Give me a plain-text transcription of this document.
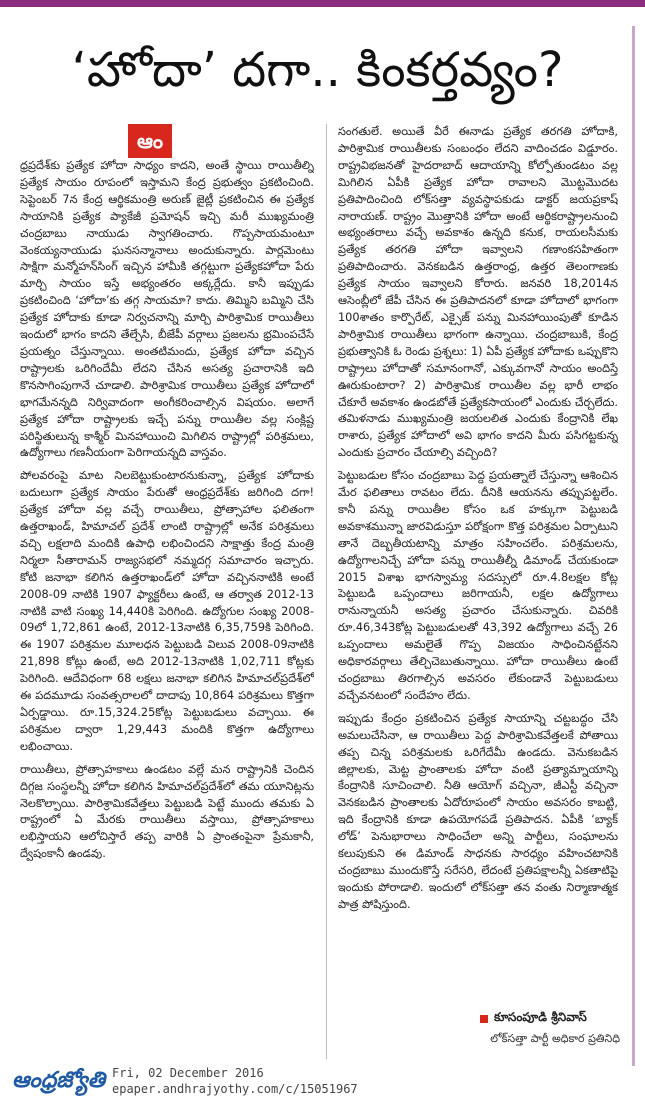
‘హోదా’ దగా.. కింకర్తవ్యం?
ఆం

ధ్రప్రదేశ్‌కు ప్రత్యేక హోదా సాధ్యం కాదని, అంతే స్థాయి రాయితీల్ని ప్రత్యేక సాయం రూపంలో ఇస్తామని కేంద్ర ప్రభుత్వం ప్రకటించింది. సెప్టెంబర్‌ 7న కేంద్ర ఆర్థికమంత్రి అరుణ్‌ జైట్లీ ప్రకటించిన ఈ ప్రత్యేక సాయానికి ప్రత్యేక ప్యాకేజీ ప్రమోషన్‌ ఇచ్చి మరీ ముఖ్యమంత్రి చంద్రబాబు నాయుడు స్వాగతించారు. గొప్పసాయమంటూ వెంకయ్యనాయుడు ఘనసన్మానాలు అందుకున్నారు. పార్లమెంటు సాక్షిగా మన్మోహన్‌సింగ్‌ ఇచ్చిన హామీకి తగ్గట్టుగా ప్రత్యేకహోదా పేరు మార్చి సాయం ఇస్తే అభ్యంతరం అక్కర్లేదు. కానీ ఇప్పుడు ప్రకటించింది ‘హోదా’కు తగ్గ సాయమా? కాదు. తిమ్మిని బమ్మిని చేసి ప్రత్యేక హోదాకు కూడా నిర్వచనాన్ని మార్చి పారిశ్రామిక రాయితీలు ఇందులో భాగం కాదని తేల్చేసి, బీజేపీ వర్గాలు ప్రజలను భ్రమింపచేసే ప్రయత్నం చేస్తున్నాయి. అంతటిమందు, ప్రత్యేక హోదా వచ్చిన రాష్ట్రాలకు ఒరిగిందేమీ లేదని చేసిన అసత్య ప్రచారానికి ఇది కొనసాగింపుగానే చూడాలి. పారిశ్రామిక రాయితీలు ప్రత్యేక హోదాలో భాగమేనన్నది నిర్వివాదంగా అంగీకరించాల్సిన విషయం. అలాగే ప్రత్యేక హోదా రాష్ట్రాలకు ఇచ్చే పన్ను రాయితీల వల్ల సంక్లిష్ట పరిస్థితులున్న కాశ్మీర్‌ మినహాయించి మిగిలిన రాష్ట్రాల్లో పరిశ్రమలు, ఉద్యోగాలు గణనీయంగా పెరిగాయన్నది వాస్తవం.

పోలవరంపై మాట నిలబెట్టుకుంటారనుకున్నా, ప్రత్యేక హోదాకు బదులుగా ప్రత్యేక సాయం పేరుతో ఆంధ్రప్రదేశ్‌కు జరిగింది దగా! ప్రత్యేక హోదా వల్ల వచ్చే రాయితీలు, ప్రోత్సాహాల ఫలితంగా ఉత్తరాఖండ్‌, హిమాచల్‌ ప్రదేశ్‌ లాంటి రాష్ట్రాల్లో అనేక పరిశ్రమలు వచ్చి లక్షలాది మందికి ఉపాధి లభించిందని సాక్షాత్తు కేంద్ర మంత్రి నిర్మలా సీతారామన్‌ రాజ్యసభలో నమ్మదగ్గ సమాచారం ఇచ్చారు. కోటి జనాభా కలిగిన ఉత్తరాఖండ్‌లో హోదా వచ్చిననాటికి అంటే 2008-09 నాటికి 1907 ఫ్యాక్టరీలు ఉంటే, ఆ తర్వాత 2012-13 నాటికి వాటి సంఖ్య 14,440కి పెరిగింది. ఉద్యోగుల సంఖ్య 2008-09లో 1,72,861 ఉంటే, 2012-13నాటికి 6,35,759కి పెరిగింది. ఈ 1907 పరిశ్రమల మూలధన పెట్టుబడి విలువ 2008-09నాటికి 21,898 కోట్లు ఉంటే, అది 2012-13నాటికి 1,02,711 కోట్లకు పెరిగింది. ఆదేవిధంగా 68 లక్షలు జనాభా కలిగిన హిమాచల్‌ప్రదేశ్‌లో ఈ పదమూడు సంవత్సరాలలో దాదాపు 10,864 పరిశ్రమలు కొత్తగా ఏర్పడ్డాయి. రూ.15,324.25కోట్ల పెట్టుబడులు వచ్చాయి. ఈ పరిశ్రమల ద్వారా 1,29,443 మందికి కొత్తగా ఉద్యోగాలు లభించాయి.

రాయితీలు, ప్రోత్సాహకాలు ఉండటం వల్లే మన రాష్ట్రానికి చెందిన దిగ్గజ సంస్థలన్నీ హోదా కలిగిన హిమాచల్‌ప్రదేశ్‌లో తమ యూనిట్లను నెలకొల్పాయి. పారిశ్రామికవేత్తలు పెట్టుబడి పెట్టే ముందు తమకు ఏ రాష్ట్రంలో ఏ మేరకు రాయితీలు వస్తాయి, ప్రోత్సాహకాలు లభిస్తాయని ఆలోచిస్తారే తప్ప వారికి ఏ ప్రాంతంపైనా ప్రేమకానీ, ద్వేషంకానీ ఉండవు.

సంగతులే. అయితే వీరే ఈనాడు ప్రత్యేక తరగతి హోదాకి, పారిశ్రామిక రాయితీలకు సంబంధం లేదని వాదించడం విడ్డూరం. రాష్ట్రవిభజనతో హైదరాబాద్‌ ఆదాయాన్ని కోల్పోతుండటం వల్ల మిగిలిన ఏపీకి ప్రత్యేక హోదా రావాలని మొట్టమొదట ప్రతిపాదించింది లోక్‌సత్తా వ్యవస్థాపకుడు డాక్టర్‌ జయప్రకాష్‌ నారాయణ్‌. రాష్ట్రం మొత్తానికి హోదా అంటే ఆర్థికరాష్ట్రాలనుంచి అభ్యంతరాలు వచ్చే అవకాశం ఉన్నది కనుక, రాయలసీమకు ప్రత్యేక తరగతి హోదా ఇవ్వాలని గణాంకసహితంగా ప్రతిపాదించారు. వెనకబడిన ఉత్తరాంధ్ర, ఉత్తర తెలంగాణకు ప్రత్యేక సాయం ఇవ్వాలని కోరారు. జనవరి 18,2014న ఆసెంబ్లీలో జేపీ చేసిన ఈ ప్రతిపాదనలో కూడా హోదాలో భాగంగా 100శాతం కార్పొరేట్‌, ఎక్సైజ్‌ పన్ను మినహాయింపుతో కూడిన పారిశ్రామిక రాయితీలు భాగంగా ఉన్నాయి. చంద్రబాబుకి, కేంద్ర ప్రభుత్వానికి ఓ రెండు ప్రశ్నలు: 1) ఏపీ ప్రత్యేక హోదాకు ఒప్పుకొని రాష్ట్రాలు హోదాతో సమానంగానో, ఎక్కువగానో సాయం అందిస్తే ఊరుకుంటారా? 2) పారిశ్రామిక రాయితీల వల్ల భారీ లాభం చేకూరే అవకాశం ఉండబోతే ప్రత్యేకసాయంలో ఎందుకు చేర్చలేదు. తమిళనాడు ముఖ్యమంత్రి జయలలిత ఎందుకు కేంద్రానికి లేఖ రాశారు, ప్రత్యేక హోదాలో అవి భాగం కాదని మీరు పసిగట్టకున్న ఎందుకు ప్రచారం చేయాల్సి వచ్చింది?

పెట్టుబడుల కోసం చంద్రబాబు పెద్ద ప్రయత్నాలే చేస్తున్నా ఆశించిన మేర ఫలితాలు రావటం లేదు. దీనికి ఆయనను తప్పుపట్టలేం. కానీ పన్ను రాయితీల కోసం ఒక హక్కుగా పెట్టుబడి అవకాశమున్నా జారవిడుస్తూ పరోక్షంగా కొత్త పరిశ్రమల ఏర్పాటుని తానే దెబ్బతీయటాన్ని మాత్రం సహించలేం. పరిశ్రమలను, ఉద్యోగాలనిచ్చే హోదా పన్ను రాయితీల్నీ డిమాండ్‌ చేయకుండా 2015 విశాఖ భాగస్వామ్య సదస్సులో రూ.4.8లక్షల కోట్ల పెట్టుబడి ఒప్పందాలు జరిగాయనీ, లక్షల ఉద్యోగాలు రానున్నాయనీ అసత్య ప్రచారం చేసుకున్నారు. చివరికి రూ.46,343కోట్ల పెట్టుబడులతో 43,392 ఉద్యోగాలు వచ్చే 26 ఒప్పందాలు అమలైతే గొప్ప విజయం సాధించినట్టేనని అధికారవర్గాలు తేల్చిచెబుతున్నాయి. హోదా రాయితీలు ఉంటే చంద్రబాబు తిరగాల్సిన అవసరం లేకుండానే పెట్టుబడులు వచ్చేవనటంలో సందేహం లేదు.

ఇప్పుడు కేంద్రం ప్రకటించిన ప్రత్యేక సాయాన్ని చట్టబద్ధం చేసి అమలుచేసినా, ఆ రాయితీలు పెద్ద పారిశ్రామికవేత్తలకే పోతాయి తప్ప చిన్న పరిశ్రమలకు ఒరిగేదేమీ ఉండదు. వెనుకబడిన జిల్లాలకు, మెట్ట ప్రాంతాలకు హోదా వంటి ప్రత్యామ్నాయాన్ని కేంద్రానికి సూచించాలి. నీతి ఆయోగ్‌ వచ్చినా, జీఎస్టీ వచ్చినా వెనకబడిన ప్రాంతాలకు ఏదోరూపంలో సాయం అవసరం కాబట్టి, ఇది కేంద్రానికి కూడా ఉపయోగపడే ప్రతిపాదన. ఏపీకి ‘బ్యాక్‌ లోడ్‌’ పెనుభారాలు సాధించేలా అన్ని పార్టీలు, సంఘాలను కలుపుకుని ఈ డిమాండ్‌ సాధనకు సారధ్యం వహించటానికి చంద్రబాబు ముందుకొస్తే సరేసరి, లేదంటే ప్రతిపక్షాలన్నీ ఏకతాటిపై ఇందుకు పోరాడాలి. ఇందులో లోక్‌సత్తా తన వంతు నిర్మాణాత్మక పాత్ర పోషిస్తుంది.

కూసంపూడి శ్రీనివాస్‌
లోక్‌సత్తా పార్టీ అధికార ప్రతినిధి
ఆంధ్రజ్యోతి Fri, 02 December 2016
epaper.andhrajyothy.com/c/15051967
